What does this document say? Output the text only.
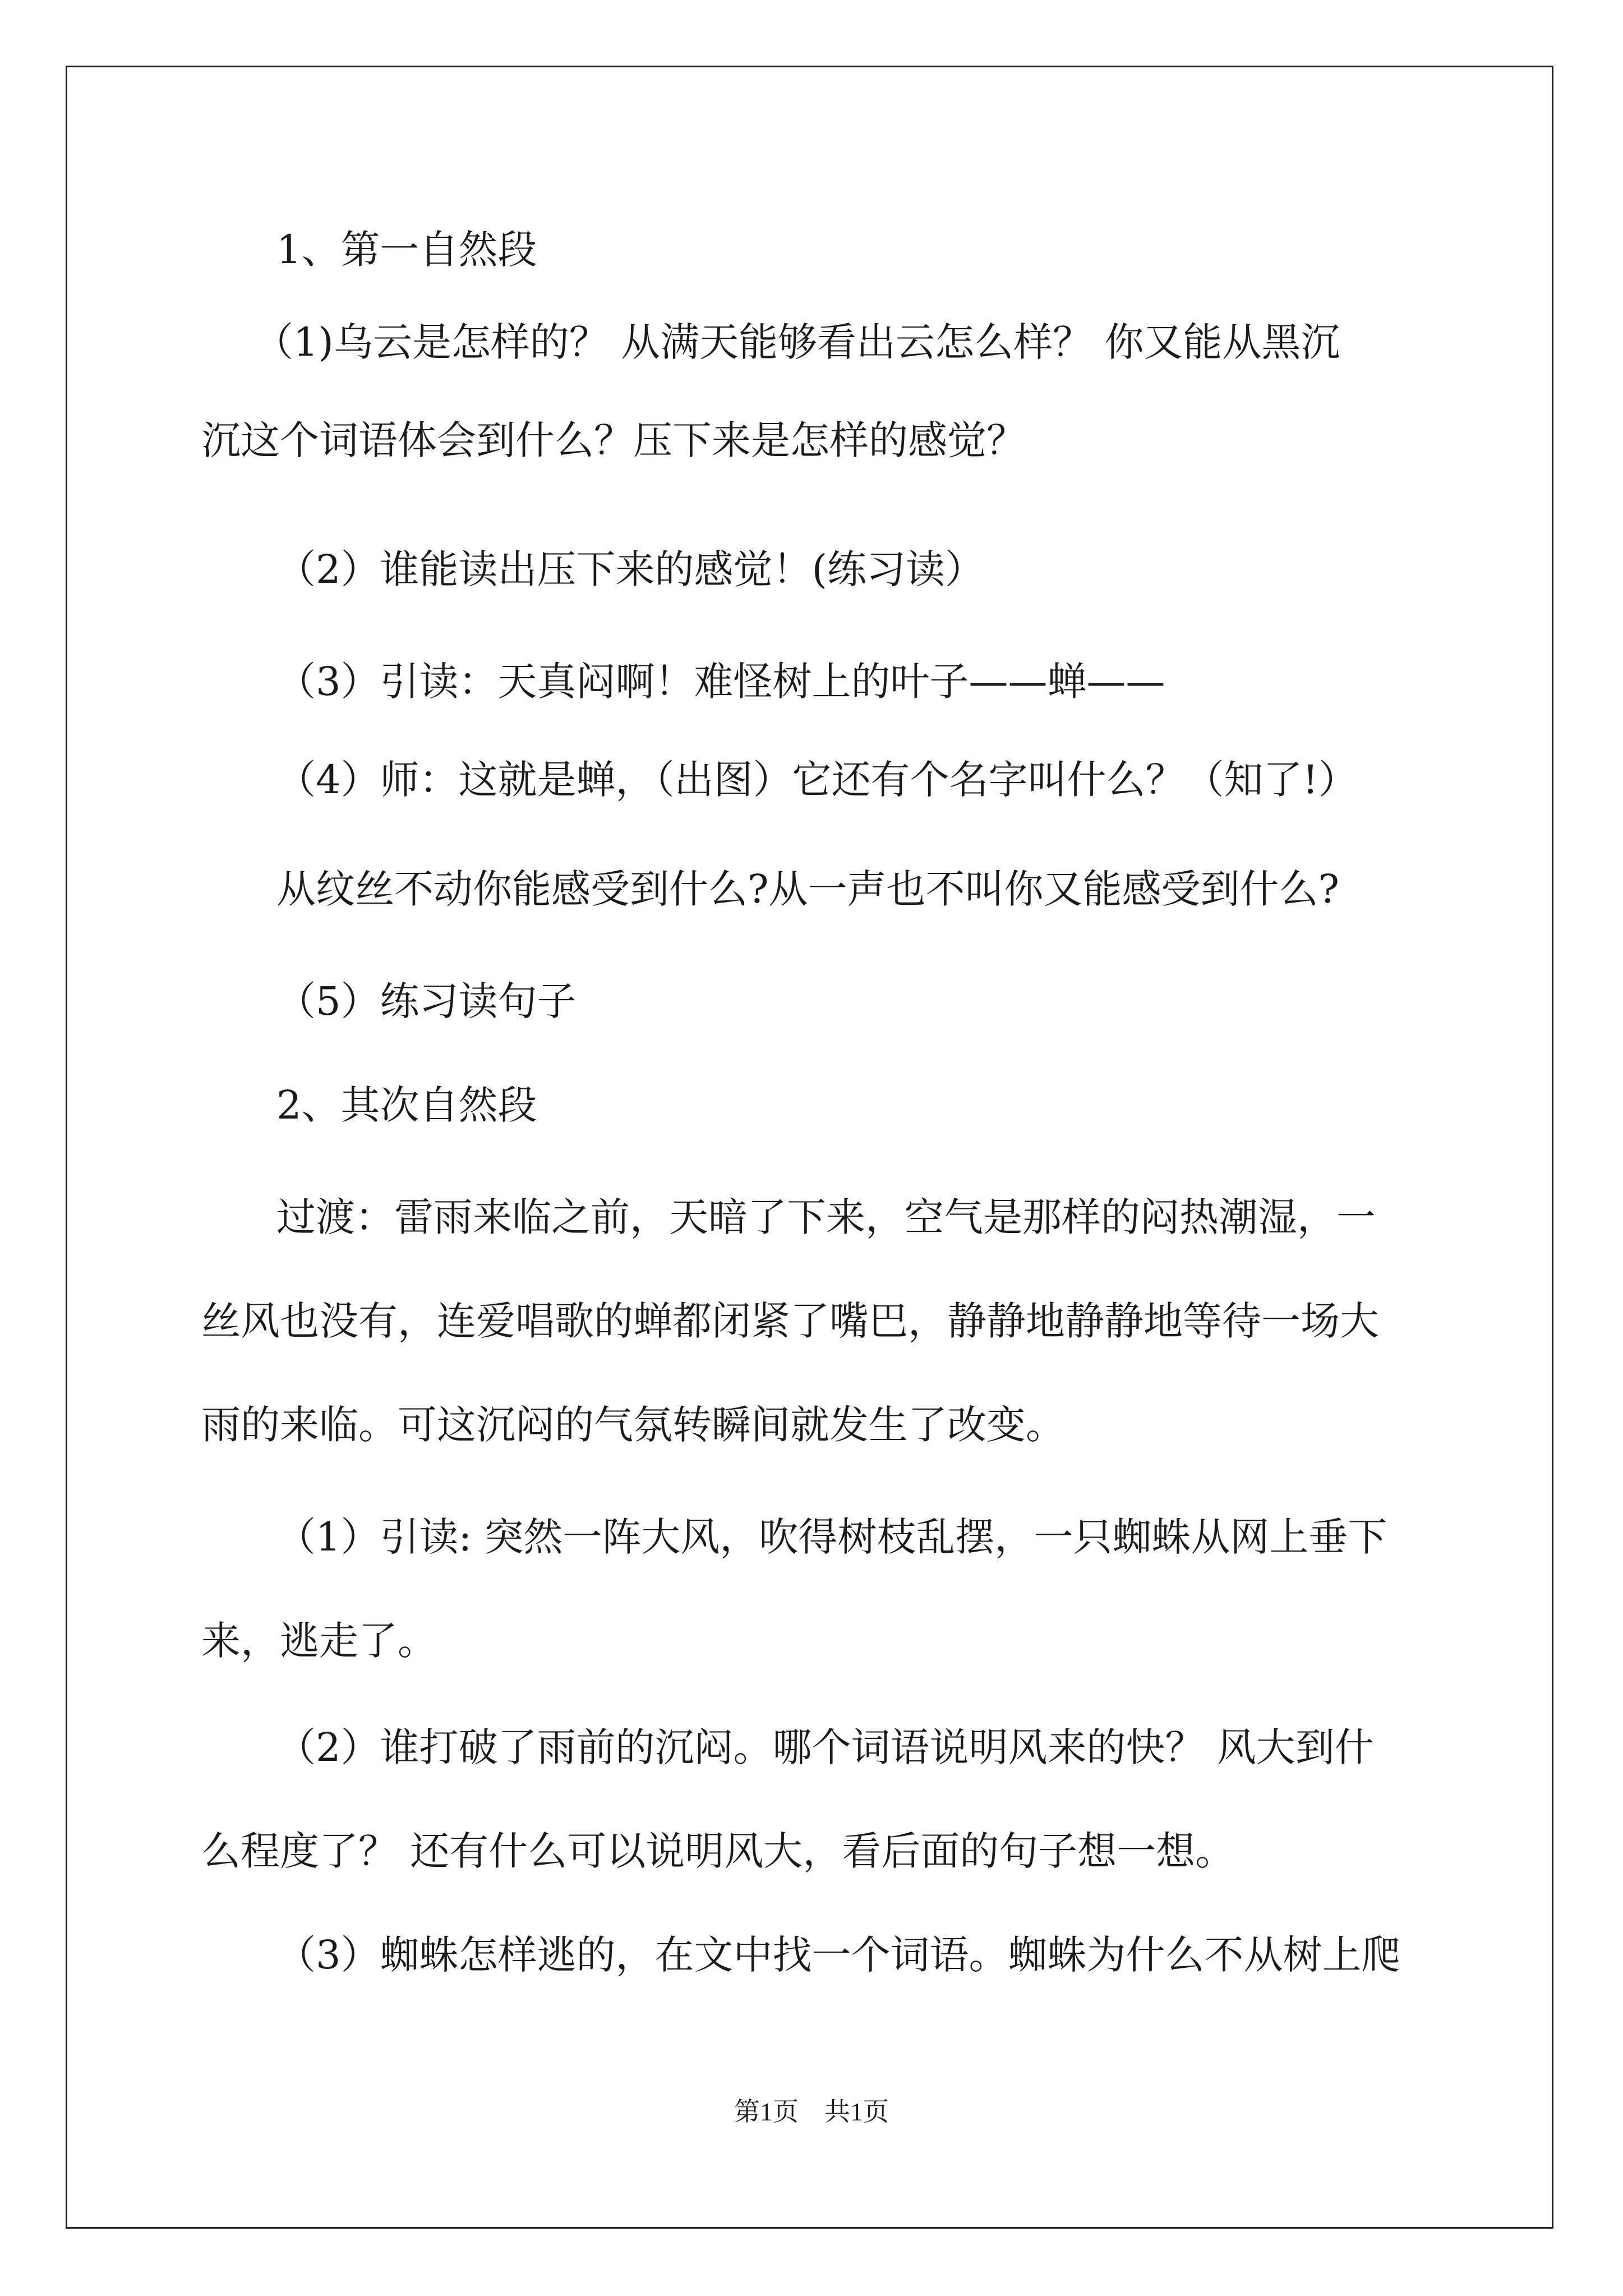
1、第一自然段
（1)乌云是怎样的？ 从满天能够看出云怎么样？ 你又能从黑沉
沉这个词语体会到什么？压下来是怎样的感觉？
（2）谁能读出压下来的感觉！(练习读）
（3）引读：天真闷啊！难怪树上的叶子——蝉——
（4）师：这就是蝉，（出图）它还有个名字叫什么？（知了!）
从纹丝不动你能感受到什么?从一声也不叫你又能感受到什么?
（5）练习读句子
2、其次自然段
过渡：雷雨来临之前，天暗了下来，空气是那样的闷热潮湿，一
丝风也没有，连爱唱歌的蝉都闭紧了嘴巴，静静地静静地等待一场大
雨的来临。可这沉闷的气氛转瞬间就发生了改变。
（1）引读: 突然一阵大风，吹得树枝乱摆，一只蜘蛛从网上垂下
来，逃走了。
（2）谁打破了雨前的沉闷。哪个词语说明风来的快？ 风大到什
么程度了？ 还有什么可以说明风大，看后面的句子想一想。
（3）蜘蛛怎样逃的，在文中找一个词语。蜘蛛为什么不从树上爬
第1页　共1页
